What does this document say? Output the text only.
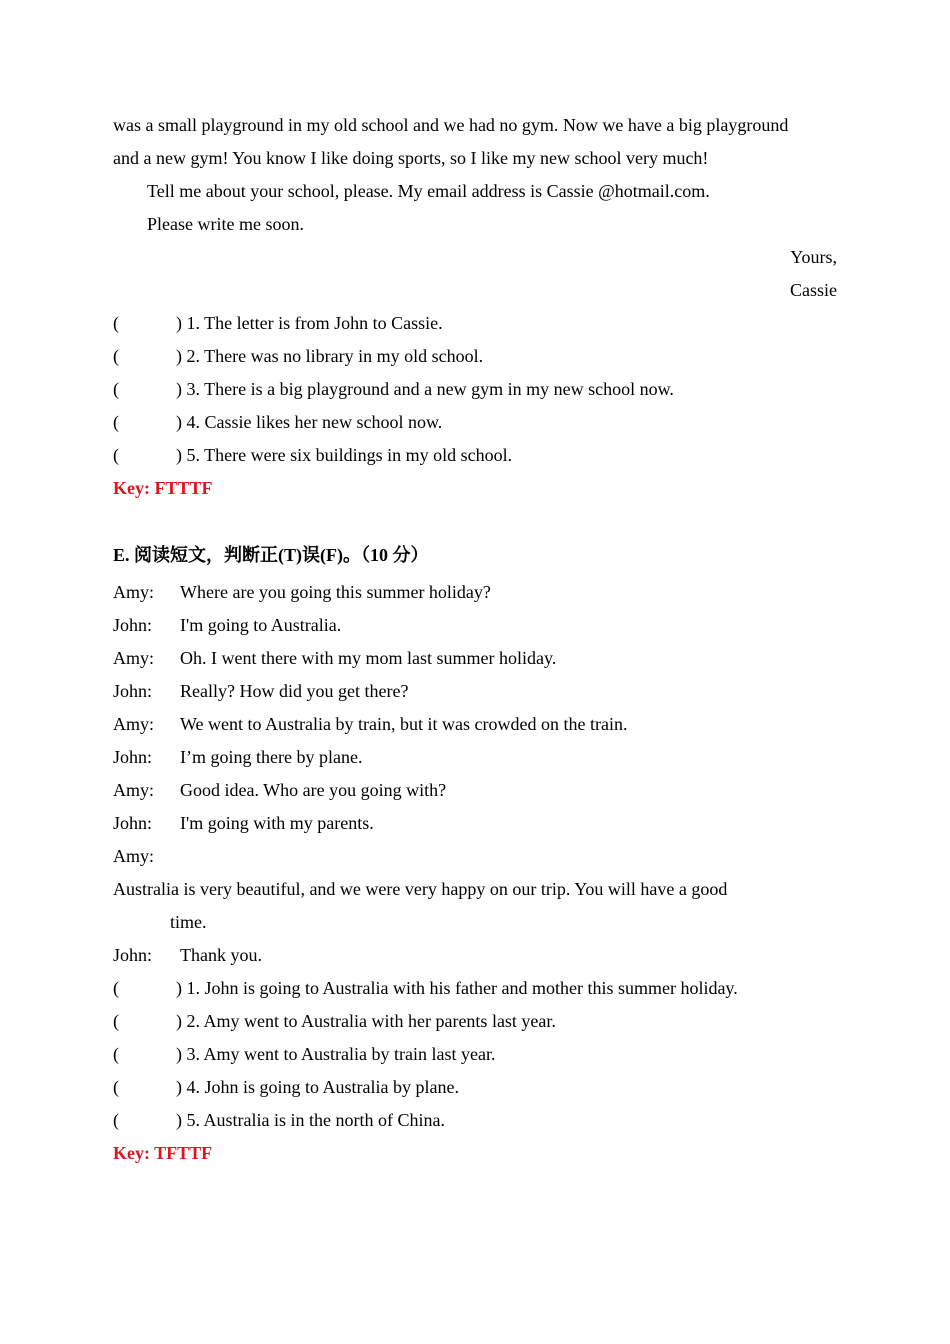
was a small playground in my old school and we had no gym. Now we have a big playground
and a new gym! You know I like doing sports, so I like my new school very much!
Tell me about your school, please. My email address is Cassie @hotmail.com.
Please write me soon.
Yours,
Cassie
(	) 1. The letter is from John to Cassie.
(	) 2. There was no library in my old school.
(	) 3. There is a big playground and a new gym in my new school now.
(	) 4. Cassie likes her new school now.
(	) 5. There were six buildings in my old school.
Key: FTTTF
E. 阅读短文，判断正(T)误(F)。（10 分）
Amy: Where are you going this summer holiday?
John: I'm going to Australia.
Amy: Oh. I went there with my mom last summer holiday.
John: Really? How did you get there?
Amy: We went to Australia by train, but it was crowded on the train.
John: I’m going there by plane.
Amy: Good idea. Who are you going with?
John: I'm going with my parents.
Amy:
Australia is very beautiful, and we were very happy on our trip. You will have a good
time.
John: Thank you.
(	) 1. John is going to Australia with his father and mother this summer holiday.
(	) 2. Amy went to Australia with her parents last year.
(	) 3. Amy went to Australia by train last year.
(	) 4. John is going to Australia by plane.
(	) 5. Australia is in the north of China.
Key: TFTTF
